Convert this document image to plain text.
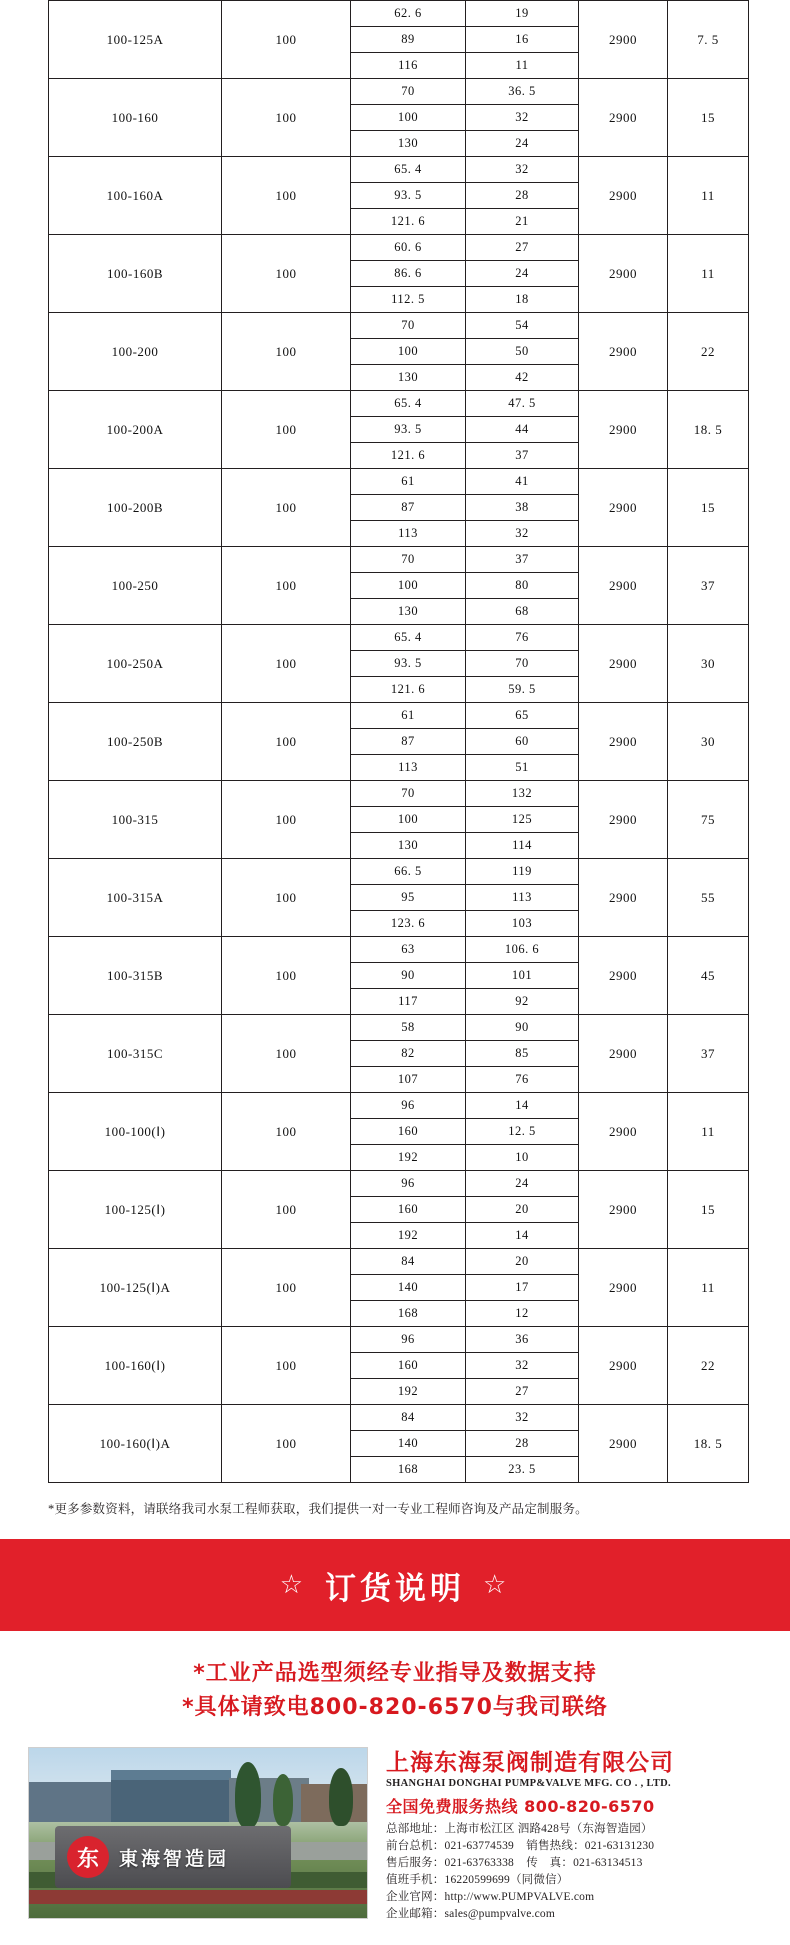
100-125A	100	62. 6	19	2900	7. 5
		89	16		
		116	11		
100-160	100	70	36. 5	2900	15
		100	32		
		130	24		
100-160A	100	65. 4	32	2900	11
		93. 5	28		
		121. 6	21		
100-160B	100	60. 6	27	2900	11
		86. 6	24		
		112. 5	18		
100-200	100	70	54	2900	22
		100	50		
		130	42		
100-200A	100	65. 4	47. 5	2900	18. 5
		93. 5	44		
		121. 6	37		
100-200B	100	61	41	2900	15
		87	38		
		113	32		
100-250	100	70	37	2900	37
		100	80		
		130	68		
100-250A	100	65. 4	76	2900	30
		93. 5	70		
		121. 6	59. 5		
100-250B	100	61	65	2900	30
		87	60		
		113	51		
100-315	100	70	132	2900	75
		100	125		
		130	114		
100-315A	100	66. 5	119	2900	55
		95	113		
		123. 6	103		
100-315B	100	63	106. 6	2900	45
		90	101		
		117	92		
100-315C	100	58	90	2900	37
		82	85		
		107	76		
100-100(Ⅰ)	100	96	14	2900	11
		160	12. 5		
		192	10		
100-125(Ⅰ)	100	96	24	2900	15
		160	20		
		192	14		
100-125(Ⅰ)A	100	84	20	2900	11
		140	17		
		168	12		
100-160(Ⅰ)	100	96	36	2900	22
		160	32		
		192	27		
100-160(Ⅰ)A	100	84	32	2900	18. 5
		140	28		
		168	23. 5		
*更多参数资料，请联络我司水泵工程师获取，我们提供一对一专业工程师咨询及产品定制服务。
☆ 订货说明 ☆
*工业产品选型须经专业指导及数据支持
*具体请致电800-820-6570与我司联络
东	東海智造园
上海东海泵阀制造有限公司
SHANGHAI DONGHAI PUMP&VALVE MFG. CO . , LTD.
全国免费服务热线 800-820-6570
总部地址：上海市松江区 泗路428号（东海智造园）
前台总机：021-63774539    销售热线：021-63131230
售后服务：021-63763338    传　真：021-63134513
值班手机：16220599699（同微信）
企业官网：http://www.PUMPVALVE.com
企业邮箱：sales@pumpvalve.com
